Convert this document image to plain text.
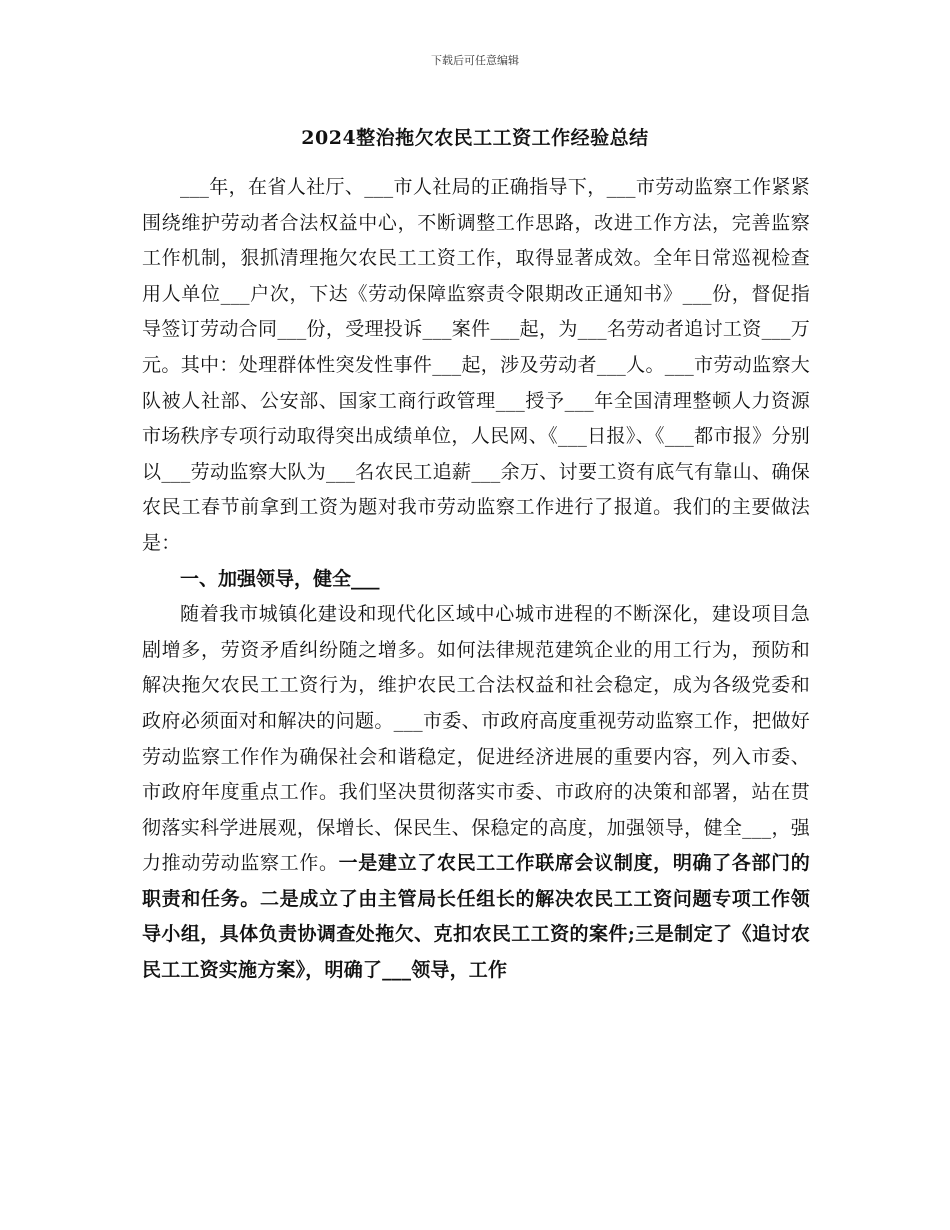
下载后可任意编辑
2024整治拖欠农民工工资工作经验总结

___年，在省人社厅、___市人社局的正确指导下，___市劳动监察工作紧紧围绕维护劳动者合法权益中心，不断调整工作思路，改进工作方法，完善监察工作机制，狠抓清理拖欠农民工工资工作，取得显著成效。全年日常巡视检查用人单位___户次，下达《劳动保障监察责令限期改正通知书》___份，督促指导签订劳动合同___份，受理投诉___案件___起，为___名劳动者追讨工资___万元。其中：处理群体性突发性事件___起，涉及劳动者___人。___市劳动监察大队被人社部、公安部、国家工商行政管理___授予___年全国清理整顿人力资源市场秩序专项行动取得突出成绩单位，人民网、《___日报》、《___都市报》分别以___劳动监察大队为___名农民工追薪___余万、讨要工资有底气有靠山、确保农民工春节前拿到工资为题对我市劳动监察工作进行了报道。我们的主要做法是：

一、加强领导，健全___

随着我市城镇化建设和现代化区域中心城市进程的不断深化，建设项目急剧增多，劳资矛盾纠纷随之增多。如何法律规范建筑企业的用工行为，预防和解决拖欠农民工工资行为，维护农民工合法权益和社会稳定，成为各级党委和政府必须面对和解决的问题。___市委、市政府高度重视劳动监察工作，把做好劳动监察工作作为确保社会和谐稳定，促进经济进展的重要内容，列入市委、市政府年度重点工作。我们坚决贯彻落实市委、市政府的决策和部署，站在贯彻落实科学进展观，保增长、保民生、保稳定的高度，加强领导，健全___，强力推动劳动监察工作。一是建立了农民工工作联席会议制度，明确了各部门的职责和任务。二是成立了由主管局长任组长的解决农民工工资问题专项工作领导小组，具体负责协调查处拖欠、克扣农民工工资的案件;三是制定了《追讨农民工工资实施方案》，明确了___领导，工作
